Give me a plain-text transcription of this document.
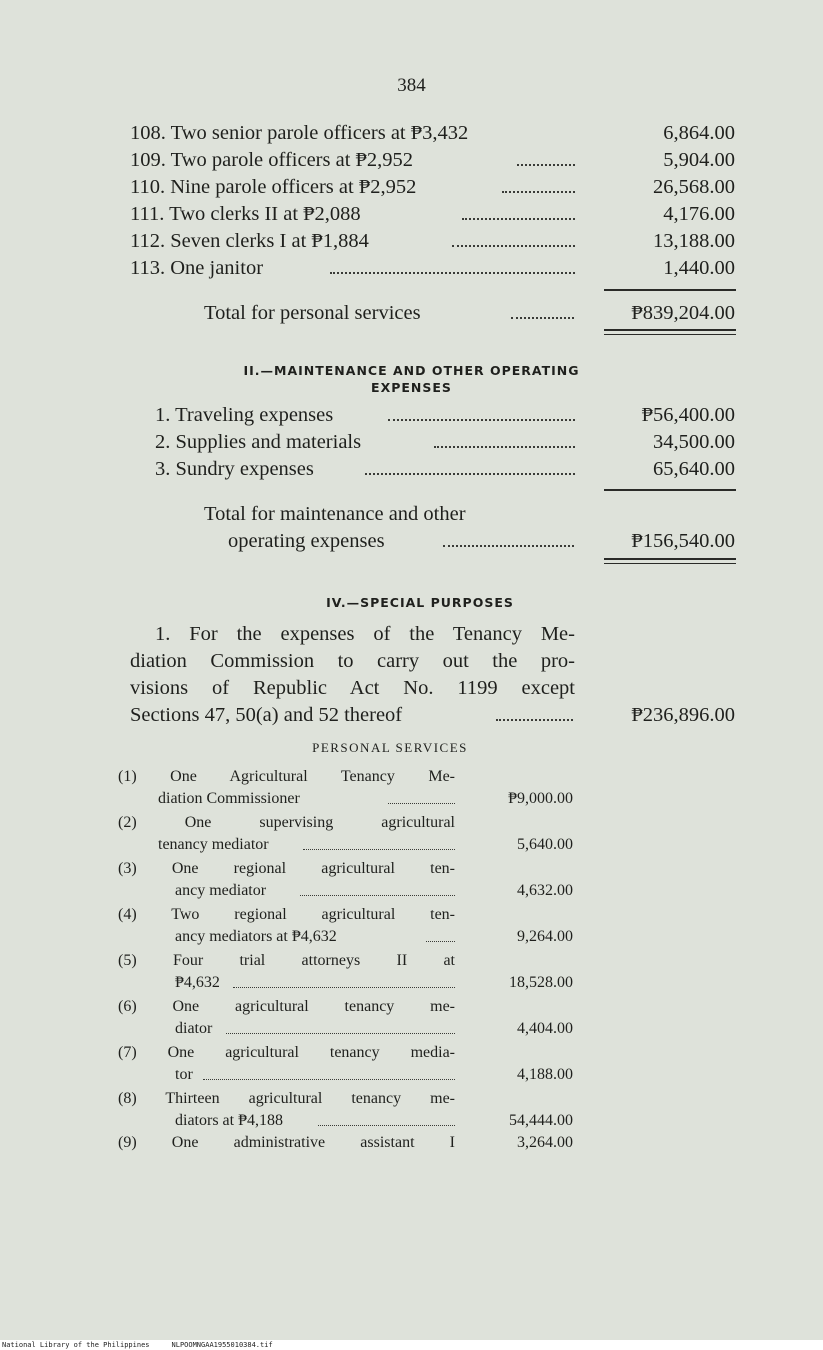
384
108. Two senior parole officers at ₱3,432	6,864.00
109. Two parole officers at ₱2,952	5,904.00
110. Nine parole officers at ₱2,952	26,568.00
111. Two clerks II at ₱2,088	4,176.00
112. Seven clerks I at ₱1,884	13,188.00
113. One janitor	1,440.00
Total for personal services	₱839,204.00
II.—MAINTENANCE AND OTHER OPERATING
EXPENSES
1. Traveling expenses	₱56,400.00
2. Supplies and materials	34,500.00
3. Sundry expenses	65,640.00
Total for maintenance and other
operating expenses	₱156,540.00
IV.—SPECIAL PURPOSES
1. For the expenses of the Tenancy Me-
diation Commission to carry out the pro-
visions of Republic Act No. 1199 except
Sections 47, 50(a) and 52 thereof	₱236,896.00
PERSONAL SERVICES
(1) One Agricultural Tenancy Me-
diation Commissioner	₱9,000.00
(2) One supervising agricultural
tenancy mediator	5,640.00
(3) One regional agricultural ten-
ancy mediator	4,632.00
(4) Two regional agricultural ten-
ancy mediators at ₱4,632	9,264.00
(5) Four trial attorneys II at
₱4,632	18,528.00
(6) One agricultural tenancy me-
diator	4,404.00
(7) One agricultural tenancy media-
tor	4,188.00
(8) Thirteen agricultural tenancy me-
diators at ₱4,188	54,444.00
(9) One administrative assistant I	3,264.00
National Library of the Philippines	NLPOOMNGAA1955010384.tif
